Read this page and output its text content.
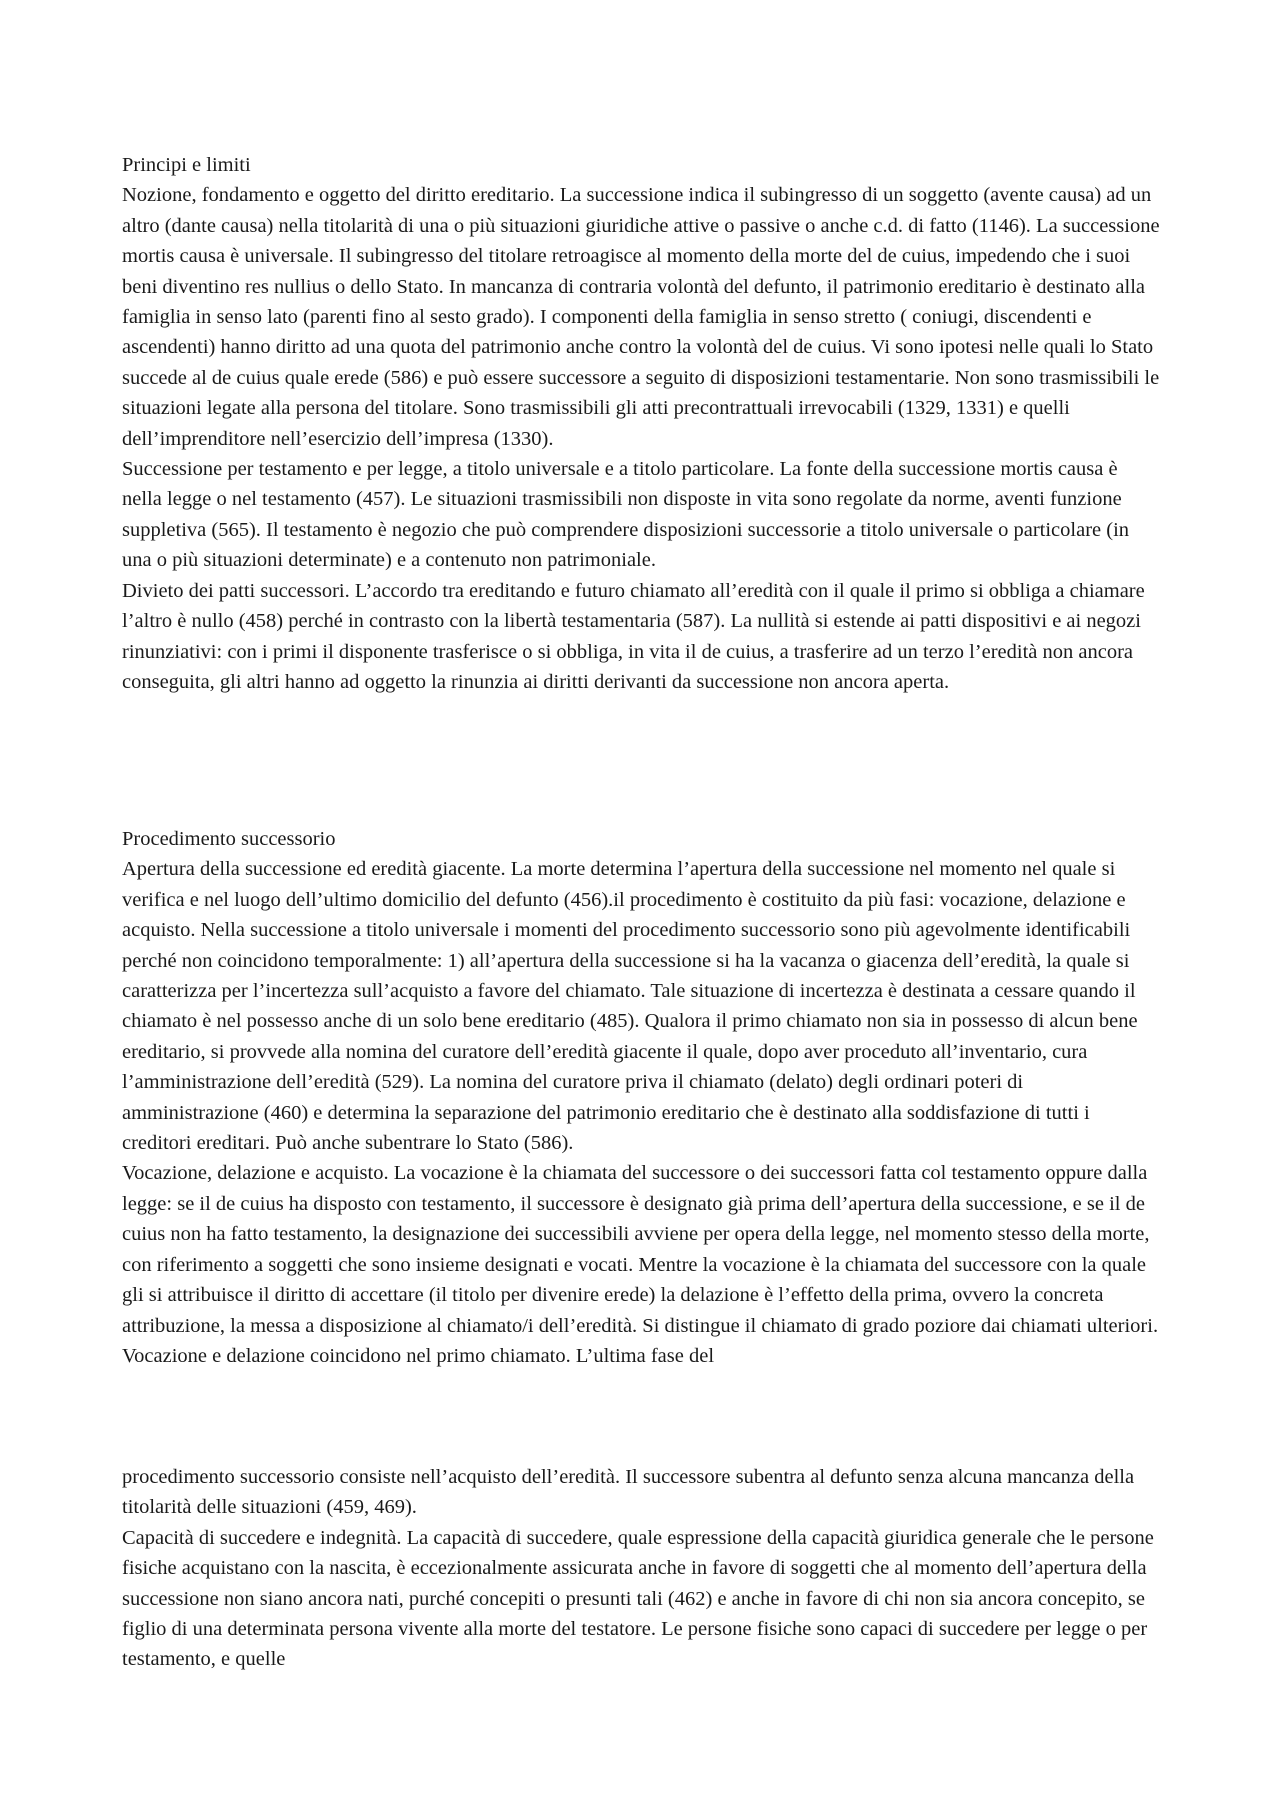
Principi e limiti

Nozione, fondamento e oggetto del diritto ereditario. La successione indica il subingresso di un soggetto (avente causa) ad un altro (dante causa) nella titolarità di una o più situazioni giuridiche attive o passive o anche c.d. di fatto (1146). La successione mortis causa è universale. Il subingresso del titolare retroagisce al momento della morte del de cuius, impedendo che i suoi beni diventino res nullius o dello Stato. In mancanza di contraria volontà del defunto, il patrimonio ereditario è destinato alla famiglia in senso lato (parenti fino al sesto grado). I componenti della famiglia in senso stretto ( coniugi, discendenti e ascendenti) hanno diritto ad una quota del patrimonio anche contro la volontà del de cuius. Vi sono ipotesi nelle quali lo Stato succede al de cuius quale erede (586) e può essere successore a seguito di disposizioni testamentarie. Non sono trasmissibili le situazioni legate alla persona del titolare. Sono trasmissibili gli atti precontrattuali irrevocabili (1329, 1331) e quelli dell’imprenditore nell’esercizio dell’impresa (1330).

Successione per testamento e per legge, a titolo universale e a titolo particolare. La fonte della successione mortis causa è nella legge o nel testamento (457). Le situazioni trasmissibili non disposte in vita sono regolate da norme, aventi funzione suppletiva (565). Il testamento è negozio che può comprendere disposizioni successorie a titolo universale o particolare (in una o più situazioni determinate) e a contenuto non patrimoniale.

Divieto dei patti successori. L’accordo tra ereditando e futuro chiamato all’eredità con il quale il primo si obbliga a chiamare l’altro è nullo (458) perché in contrasto con la libertà testamentaria (587). La nullità si estende ai patti dispositivi e ai negozi rinunziativi: con i primi il disponente trasferisce o si obbliga, in vita il de cuius, a trasferire ad un terzo l’eredità non ancora conseguita, gli altri hanno ad oggetto la rinunzia ai diritti derivanti da successione non ancora aperta.

Procedimento successorio

Apertura della successione ed eredità giacente. La morte determina l’apertura della successione nel momento nel quale si verifica e nel luogo dell’ultimo domicilio del defunto (456).il procedimento è costituito da più fasi: vocazione, delazione e acquisto. Nella successione a titolo universale i momenti del procedimento successorio sono più agevolmente identificabili perché non coincidono temporalmente: 1) all’apertura della successione si ha la vacanza o giacenza dell’eredità, la quale si caratterizza per l’incertezza sull’acquisto a favore del chiamato. Tale situazione di incertezza è destinata a cessare quando il chiamato è nel possesso anche di un solo bene ereditario (485). Qualora il primo chiamato non sia in possesso di alcun bene ereditario, si provvede alla nomina del curatore dell’eredità giacente il quale, dopo aver proceduto all’inventario, cura l’amministrazione dell’eredità (529). La nomina del curatore priva il chiamato (delato) degli ordinari poteri di amministrazione (460) e determina la separazione del patrimonio ereditario che è destinato alla soddisfazione di tutti i creditori ereditari. Può anche subentrare lo Stato (586).

Vocazione, delazione e acquisto. La vocazione è la chiamata del successore o dei successori fatta col testamento oppure dalla legge: se il de cuius ha disposto con testamento, il successore è designato già prima dell’apertura della successione, e se il de cuius non ha fatto testamento, la designazione dei successibili avviene per opera della legge, nel momento stesso della morte, con riferimento a soggetti che sono insieme designati e vocati. Mentre la vocazione è la chiamata del successore con la quale gli si attribuisce il diritto di accettare (il titolo per divenire erede) la delazione è l’effetto della prima, ovvero la concreta attribuzione, la messa a disposizione al chiamato/i dell’eredità. Si distingue il chiamato di grado poziore dai chiamati ulteriori. Vocazione e delazione coincidono nel primo chiamato. L’ultima fase del

procedimento successorio consiste nell’acquisto dell’eredità. Il successore subentra al defunto senza alcuna mancanza della titolarità delle situazioni (459, 469).

Capacità di succedere e indegnità. La capacità di succedere, quale espressione della capacità giuridica generale che le persone fisiche acquistano con la nascita, è eccezionalmente assicurata anche in favore di soggetti che al momento dell’apertura della successione non siano ancora nati, purché concepiti o presunti tali (462) e anche in favore di chi non sia ancora concepito, se figlio di una determinata persona vivente alla morte del testatore. Le persone fisiche sono capaci di succedere per legge o per testamento, e quelle
